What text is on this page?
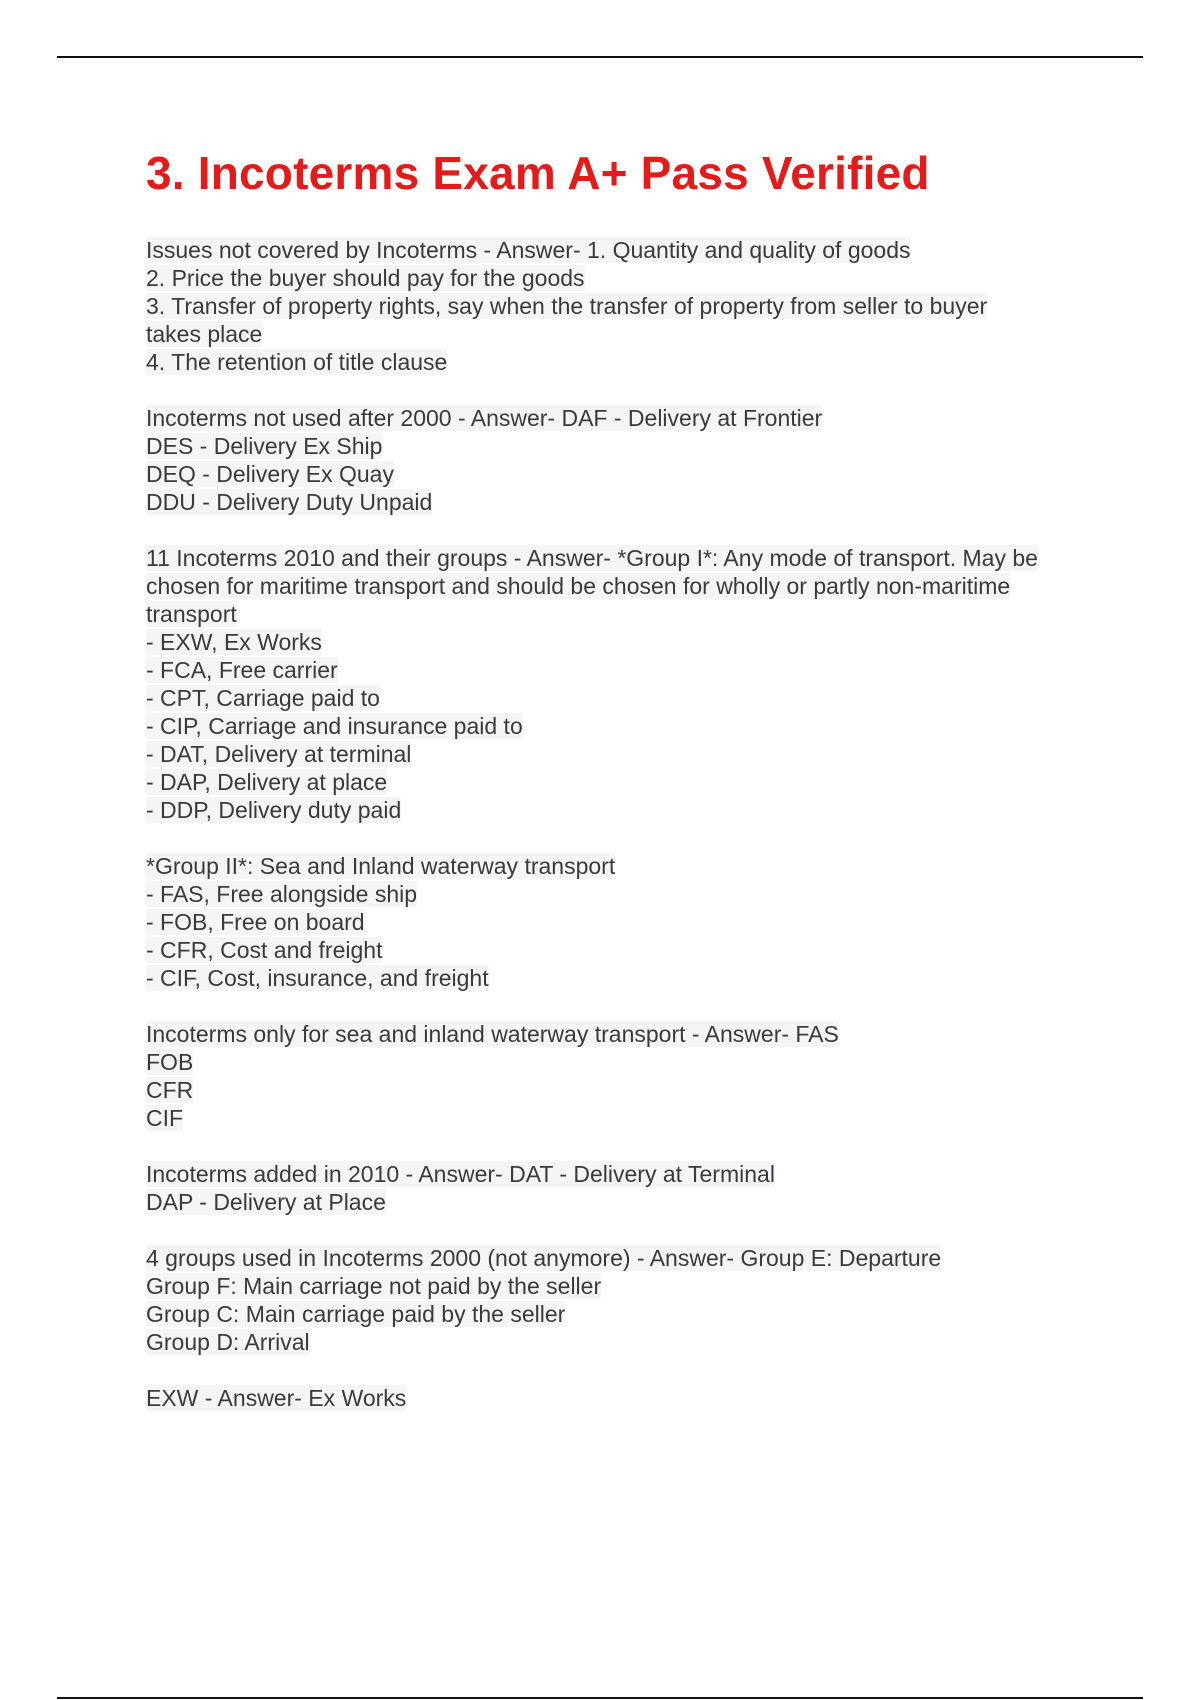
3. Incoterms Exam A+ Pass Verified
Issues not covered by Incoterms - Answer- 1. Quantity and quality of goods
2. Price the buyer should pay for the goods
3. Transfer of property rights, say when the transfer of property from seller to buyer
takes place
4. The retention of title clause
Incoterms not used after 2000 - Answer- DAF - Delivery at Frontier
DES - Delivery Ex Ship
DEQ - Delivery Ex Quay
DDU - Delivery Duty Unpaid
11 Incoterms 2010 and their groups - Answer- *Group I*: Any mode of transport. May be
chosen for maritime transport and should be chosen for wholly or partly non-maritime
transport
- EXW, Ex Works
- FCA, Free carrier
- CPT, Carriage paid to
- CIP, Carriage and insurance paid to
- DAT, Delivery at terminal
- DAP, Delivery at place
- DDP, Delivery duty paid
*Group II*: Sea and Inland waterway transport
- FAS, Free alongside ship
- FOB, Free on board
- CFR, Cost and freight
- CIF, Cost, insurance, and freight
Incoterms only for sea and inland waterway transport - Answer- FAS
FOB
CFR
CIF
Incoterms added in 2010 - Answer- DAT - Delivery at Terminal
DAP - Delivery at Place
4 groups used in Incoterms 2000 (not anymore) - Answer- Group E: Departure
Group F: Main carriage not paid by the seller
Group C: Main carriage paid by the seller
Group D: Arrival
EXW - Answer- Ex Works
